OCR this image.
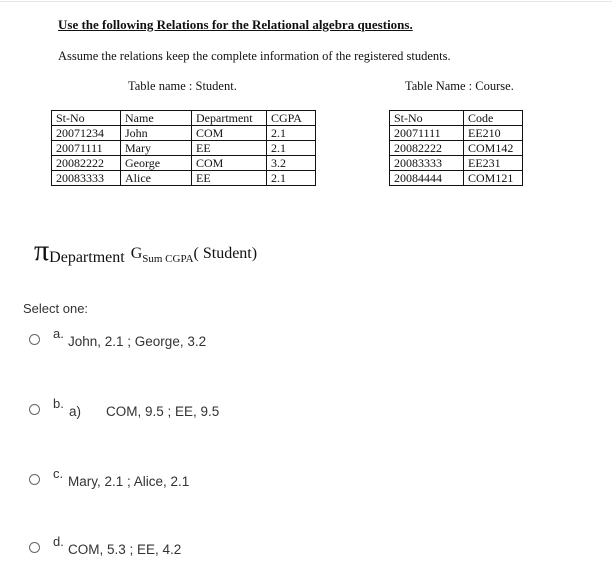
Use the following Relations for the Relational algebra questions.
Assume the relations keep the complete information of the registered students.
Table name : Student.	Table Name : Course.
St-No	Name	Department	CGPA
20071234	John	COM	2.1
20071111	Mary	EE	2.1
20082222	George	COM	3.2
20083333	Alice	EE	2.1
St-No	Code
20071111	EE210
20082222	COM142
20083333	EE231
20084444	COM121
πDepartment $G_{Sum CGPA}$( Student)
Select one:
a.
John, 2.1 ; George, 3.2
b.
a) COM, 9.5 ; EE, 9.5
c.
Mary, 2.1 ; Alice, 2.1
d.
COM, 5.3 ; EE, 4.2
